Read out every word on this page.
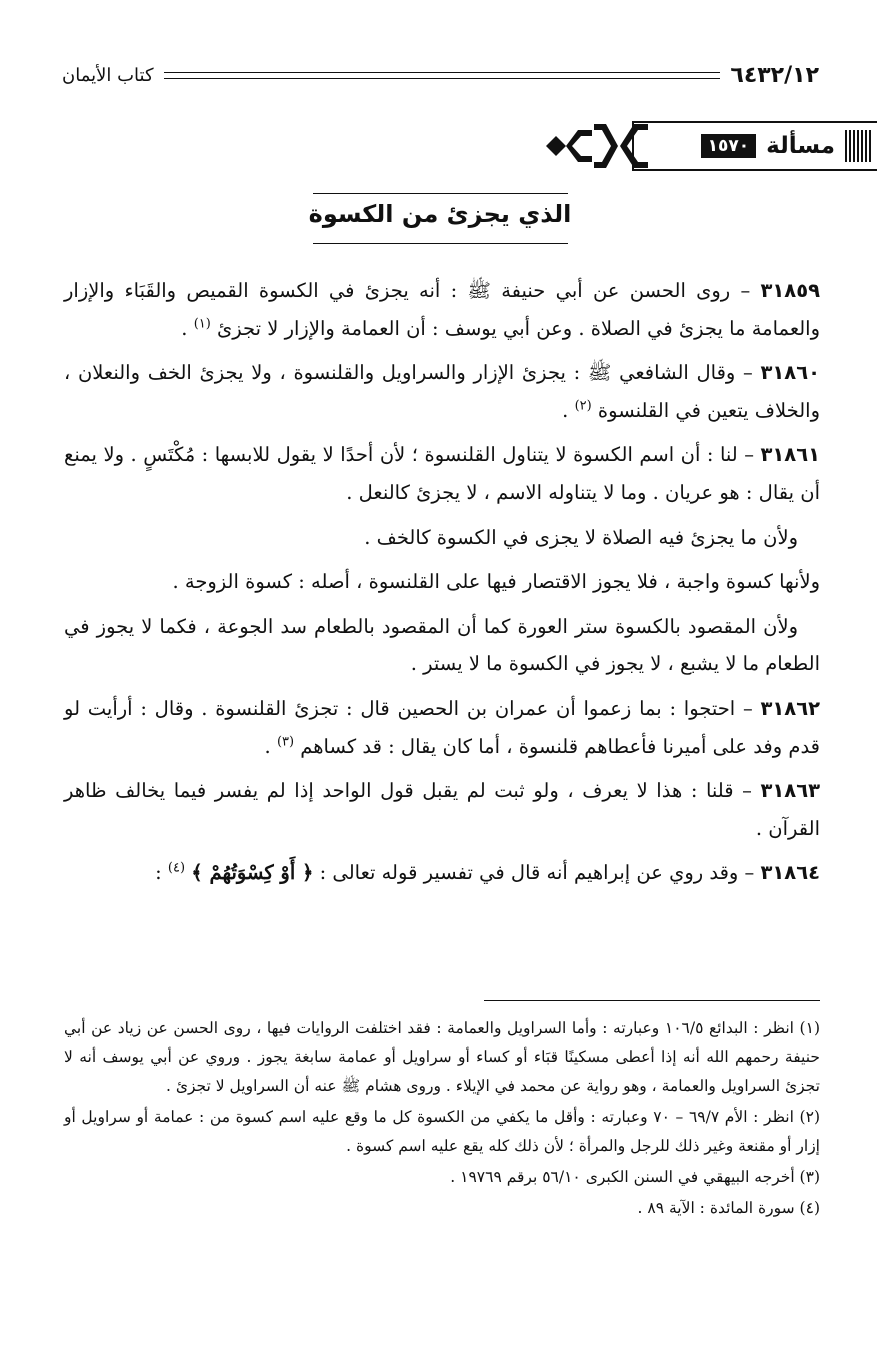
٦٤٣٢/١٢
كتاب الأيمان
مسألة
١٥٧٠
الذي يجزئ من الكسوة

٣١٨٥٩ – روى الحسن عن أبي حنيفة ﷺ : أنه يجزئ في الكسوة القميص والقَبَاء والإزار والعمامة ما يجزئ في الصلاة . وعن أبي يوسف : أن العمامة والإزار لا تجزئ $^{(١)}$ .

٣١٨٦٠ – وقال الشافعي ﷺ : يجزئ الإزار والسراويل والقلنسوة ، ولا يجزئ الخف والنعلان ، والخلاف يتعين في القلنسوة $^{(٢)}$ .

٣١٨٦١ – لنا : أن اسم الكسوة لا يتناول القلنسوة ؛ لأن أحدًا لا يقول للابسها : مُكْتَسٍ . ولا يمنع أن يقال : هو عريان . وما لا يتناوله الاسم ، لا يجزئ كالنعل .

ولأن ما يجزئ فيه الصلاة لا يجزى في الكسوة كالخف .

ولأنها كسوة واجبة ، فلا يجوز الاقتصار فيها على القلنسوة ، أصله : كسوة الزوجة .

ولأن المقصود بالكسوة ستر العورة كما أن المقصود بالطعام سد الجوعة ، فكما لا يجوز في الطعام ما لا يشبع ، لا يجوز في الكسوة ما لا يستر .

٣١٨٦٢ – احتجوا : بما زعموا أن عمران بن الحصين قال : تجزئ القلنسوة . وقال : أرأيت لو قدم وفد على أميرنا فأعطاهم قلنسوة ، أما كان يقال : قد كساهم $^{(٣)}$ .

٣١٨٦٣ – قلنا : هذا لا يعرف ، ولو ثبت لم يقبل قول الواحد إذا لم يفسر فيما يخالف ظاهر القرآن .

٣١٨٦٤ – وقد روي عن إبراهيم أنه قال في تفسير قوله تعالى : ﴿ أَوْ كِسْوَتُهُمْ ﴾ $^{(٤)}$ :

(١) انظر : البدائع ١٠٦/٥ وعبارته : وأما السراويل والعمامة : فقد اختلفت الروايات فيها ، روى الحسن عن زياد عن أبي حنيفة رحمهم الله أنه إذا أعطى مسكينًا قبَاء أو كساء أو سراويل أو عمامة سابغة يجوز . وروي عن أبي يوسف أنه لا تجزئ السراويل والعمامة ، وهو رواية عن محمد في الإيلاء . وروى هشام ﷺ عنه أن السراويل لا تجزئ .

(٢) انظر : الأم ٦٩/٧ – ٧٠ وعبارته : وأقل ما يكفي من الكسوة كل ما وقع عليه اسم كسوة من : عمامة أو سراويل أو إزار أو مقنعة وغير ذلك للرجل والمرأة ؛ لأن ذلك كله يقع عليه اسم كسوة .

(٣) أخرجه البيهقي في السنن الكبرى ٥٦/١٠ برقم ١٩٧٦٩ .

(٤) سورة المائدة : الآية ٨٩ .
